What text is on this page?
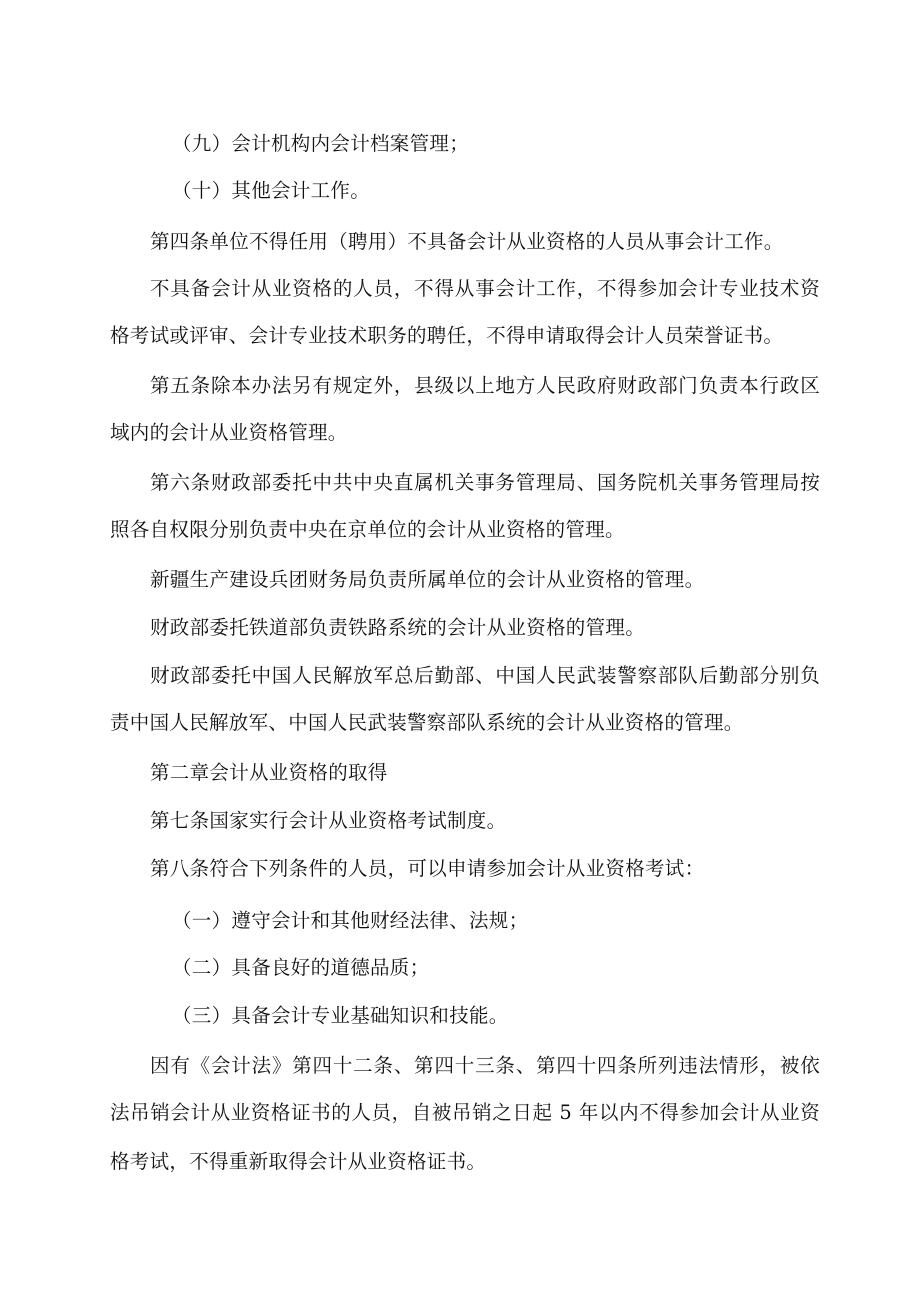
（九）会计机构内会计档案管理；
（十）其他会计工作。
第四条单位不得任用（聘用）不具备会计从业资格的人员从事会计工作。
不具备会计从业资格的人员，不得从事会计工作，不得参加会计专业技术资
格考试或评审、会计专业技术职务的聘任，不得申请取得会计人员荣誉证书。
第五条除本办法另有规定外，县级以上地方人民政府财政部门负责本行政区
域内的会计从业资格管理。
第六条财政部委托中共中央直属机关事务管理局、国务院机关事务管理局按
照各自权限分别负责中央在京单位的会计从业资格的管理。
新疆生产建设兵团财务局负责所属单位的会计从业资格的管理。
财政部委托铁道部负责铁路系统的会计从业资格的管理。
财政部委托中国人民解放军总后勤部、中国人民武装警察部队后勤部分别负
责中国人民解放军、中国人民武装警察部队系统的会计从业资格的管理。
第二章会计从业资格的取得
第七条国家实行会计从业资格考试制度。
第八条符合下列条件的人员，可以申请参加会计从业资格考试：
（一）遵守会计和其他财经法律、法规；
（二）具备良好的道德品质；
（三）具备会计专业基础知识和技能。
因有《会计法》第四十二条、第四十三条、第四十四条所列违法情形，被依
法吊销会计从业资格证书的人员，自被吊销之日起 5 年以内不得参加会计从业资
格考试，不得重新取得会计从业资格证书。
